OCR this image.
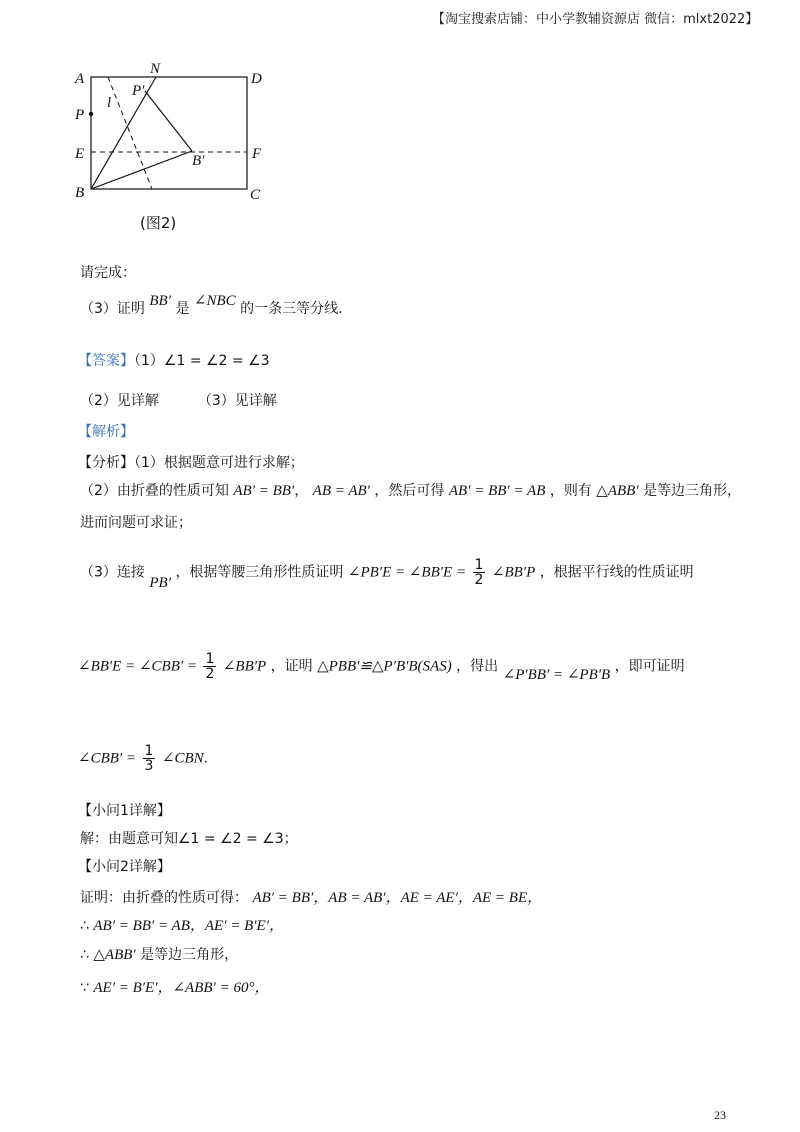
【淘宝搜索店铺：中小学教辅资源店 微信：mlxt2022】
A
N
D
P′
l
P
E	F
B′
B	C
(图2)
请完成：
（3）证明 BB′ 是 ∠NBC 的一条三等分线.
【答案】（1）∠1 = ∠2 = ∠3
（2）见详解	（3）见详解
【解析】
【分析】（1）根据题意可进行求解；
（2）由折叠的性质可知 AB′ = BB′， AB = AB′ ，然后可得 AB′ = BB′ = AB ，则有 △ABB′ 是等边三角形，
进而问题可求证；
（3）连接 PB′ ，根据等腰三角形性质证明 ∠PB′E = ∠BB′E = $\frac{1}{2}$ ∠BB′P ，根据平行线的性质证明
∠BB′E = ∠CBB′ = $\frac{1}{2}$ ∠BB′P ，证明 △PBB′≌△P′B′B(SAS) ，得出 ∠P′BB′ = ∠PB′B ，即可证明
∠CBB′ = $\frac{1}{3}$ ∠CBN.
【小问1详解】
解：由题意可知∠1 = ∠2 = ∠3；
【小问2详解】
证明：由折叠的性质可得： AB′ = BB′，AB = AB′，AE = AE′，AE = BE，
∴ AB′ = BB′ = AB，AE′ = B′E′，
∴ △ABB′ 是等边三角形，
∵ AE′ = B′E′，∠ABB′ = 60°，
23
